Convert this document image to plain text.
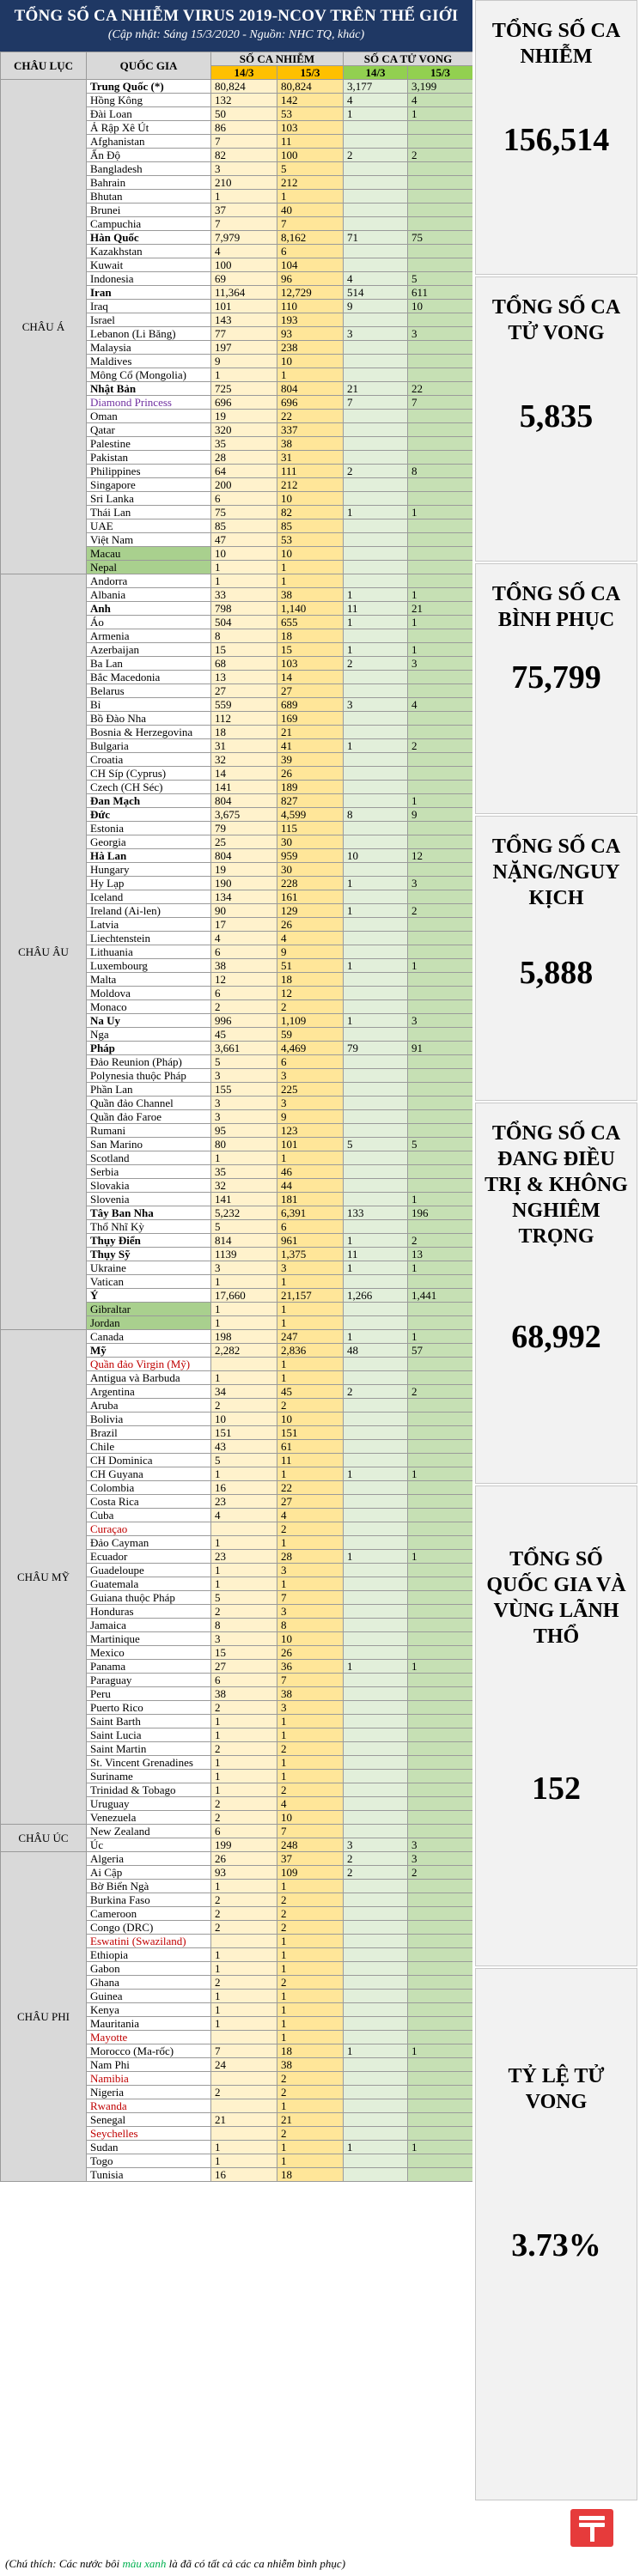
TỔNG SỐ CA NHIỄM VIRUS 2019-NCOV TRÊN THẾ GIỚI
(Cập nhật: Sáng 15/3/2020 - Nguồn: NHC TQ, khác)
CHÂU LỤC	QUỐC GIA	SỐ CA NHIỄM		SỐ CA TỬ VONG	
		14/3	15/3	14/3	15/3
CHÂU Á	Trung Quốc (*)	80,824	80,824	3,177	3,199
	Hồng Kông	132	142	4	4
	Đài Loan	50	53	1	1
	Ả Rập Xê Út	86	103		
	Afghanistan	7	11		
	Ấn Độ	82	100	2	2
	Bangladesh	3	5		
	Bahrain	210	212		
	Bhutan	1	1		
	Brunei	37	40		
	Campuchia	7	7		
	Hàn Quốc	7,979	8,162	71	75
	Kazakhstan	4	6		
	Kuwait	100	104		
	Indonesia	69	96	4	5
	Iran	11,364	12,729	514	611
	Iraq	101	110	9	10
	Israel	143	193		
	Lebanon (Li Băng)	77	93	3	3
	Malaysia	197	238		
	Maldives	9	10		
	Mông Cổ (Mongolia)	1	1		
	Nhật Bản	725	804	21	22
	Diamond Princess	696	696	7	7
	Oman	19	22		
	Qatar	320	337		
	Palestine	35	38		
	Pakistan	28	31		
	Philippines	64	111	2	8
	Singapore	200	212		
	Sri Lanka	6	10		
	Thái Lan	75	82	1	1
	UAE	85	85		
	Việt Nam	47	53		
	Macau	10	10		
	Nepal	1	1		
CHÂU ÂU	Andorra	1	1		
	Albania	33	38	1	1
	Anh	798	1,140	11	21
	Áo	504	655	1	1
	Armenia	8	18		
	Azerbaijan	15	15	1	1
	Ba Lan	68	103	2	3
	Bắc Macedonia	13	14		
	Belarus	27	27		
	Bỉ	559	689	3	4
	Bồ Đào Nha	112	169		
	Bosnia & Herzegovina	18	21		
	Bulgaria	31	41	1	2
	Croatia	32	39		
	CH Síp (Cyprus)	14	26		
	Czech (CH Séc)	141	189		
	Đan Mạch	804	827		1
	Đức	3,675	4,599	8	9
	Estonia	79	115		
	Georgia	25	30		
	Hà Lan	804	959	10	12
	Hungary	19	30		
	Hy Lạp	190	228	1	3
	Iceland	134	161		
	Ireland (Ai-len)	90	129	1	2
	Latvia	17	26		
	Liechtenstein	4	4		
	Lithuania	6	9		
	Luxembourg	38	51	1	1
	Malta	12	18		
	Moldova	6	12		
	Monaco	2	2		
	Na Uy	996	1,109	1	3
	Nga	45	59		
	Pháp	3,661	4,469	79	91
	Đảo Reunion (Pháp)	5	6		
	Polynesia thuộc Pháp	3	3		
	Phần Lan	155	225		
	Quần đảo Channel	3	3		
	Quần đảo Faroe	3	9		
	Rumani	95	123		
	San Marino	80	101	5	5
	Scotland	1	1		
	Serbia	35	46		
	Slovakia	32	44		
	Slovenia	141	181		1
	Tây Ban Nha	5,232	6,391	133	196
	Thổ Nhĩ Kỳ	5	6		
	Thụy Điển	814	961	1	2
	Thụy Sỹ	1139	1,375	11	13
	Ukraine	3	3	1	1
	Vatican	1	1		
	Ý	17,660	21,157	1,266	1,441
	Gibraltar	1	1		
	Jordan	1	1		
CHÂU MỸ	Canada	198	247	1	1
	Mỹ	2,282	2,836	48	57
	Quần đảo Virgin (Mỹ)		1		
	Antigua và Barbuda	1	1		
	Argentina	34	45	2	2
	Aruba	2	2		
	Bolivia	10	10		
	Brazil	151	151		
	Chile	43	61		
	CH Dominica	5	11		
	CH Guyana	1	1	1	1
	Colombia	16	22		
	Costa Rica	23	27		
	Cuba	4	4		
	Curaçao		2		
	Đảo Cayman	1	1		
	Ecuador	23	28	1	1
	Guadeloupe	1	3		
	Guatemala	1	1		
	Guiana thuộc Pháp	5	7		
	Honduras	2	3		
	Jamaica	8	8		
	Martinique	3	10		
	Mexico	15	26		
	Panama	27	36	1	1
	Paraguay	6	7		
	Peru	38	38		
	Puerto Rico	2	3		
	Saint Barth	1	1		
	Saint Lucia	1	1		
	Saint Martin	2	2		
	St. Vincent Grenadines	1	1		
	Suriname	1	1		
	Trinidad & Tobago	1	2		
	Uruguay	2	4		
	Venezuela	2	10		
CHÂU ÚC	New Zealand	6	7		
	Úc	199	248	3	3
CHÂU PHI	Algeria	26	37	2	3
	Ai Cập	93	109	2	2
	Bờ Biển Ngà	1	1		
	Burkina Faso	2	2		
	Cameroon	2	2		
	Congo (DRC)	2	2		
	Eswatini (Swaziland)		1		
	Ethiopia	1	1		
	Gabon	1	1		
	Ghana	2	2		
	Guinea	1	1		
	Kenya	1	1		
	Mauritania	1	1		
	Mayotte		1		
	Morocco (Ma-rốc)	7	18	1	1
	Nam Phi	24	38		
	Namibia		2		
	Nigeria	2	2		
	Rwanda		1		
	Senegal	21	21		
	Seychelles		2		
	Sudan	1	1	1	1
	Togo	1	1		
	Tunisia	16	18		
TỔNG SỐ CA NHIỄM
156,514
TỔNG SỐ CA TỬ VONG
5,835
TỔNG SỐ CA BÌNH PHỤC
75,799
TỔNG SỐ CA NẶNG/NGUY KỊCH
5,888
TỔNG SỐ CA ĐANG ĐIỀU TRỊ & KHÔNG NGHIÊM TRỌNG
68,992
TỔNG SỐ QUỐC GIA VÀ VÙNG LÃNH THỔ
152
TỶ LỆ TỬ VONG
3.73%
(Chú thích: Các nước bôi màu xanh là đã có tất cả các ca nhiễm bình phục)
